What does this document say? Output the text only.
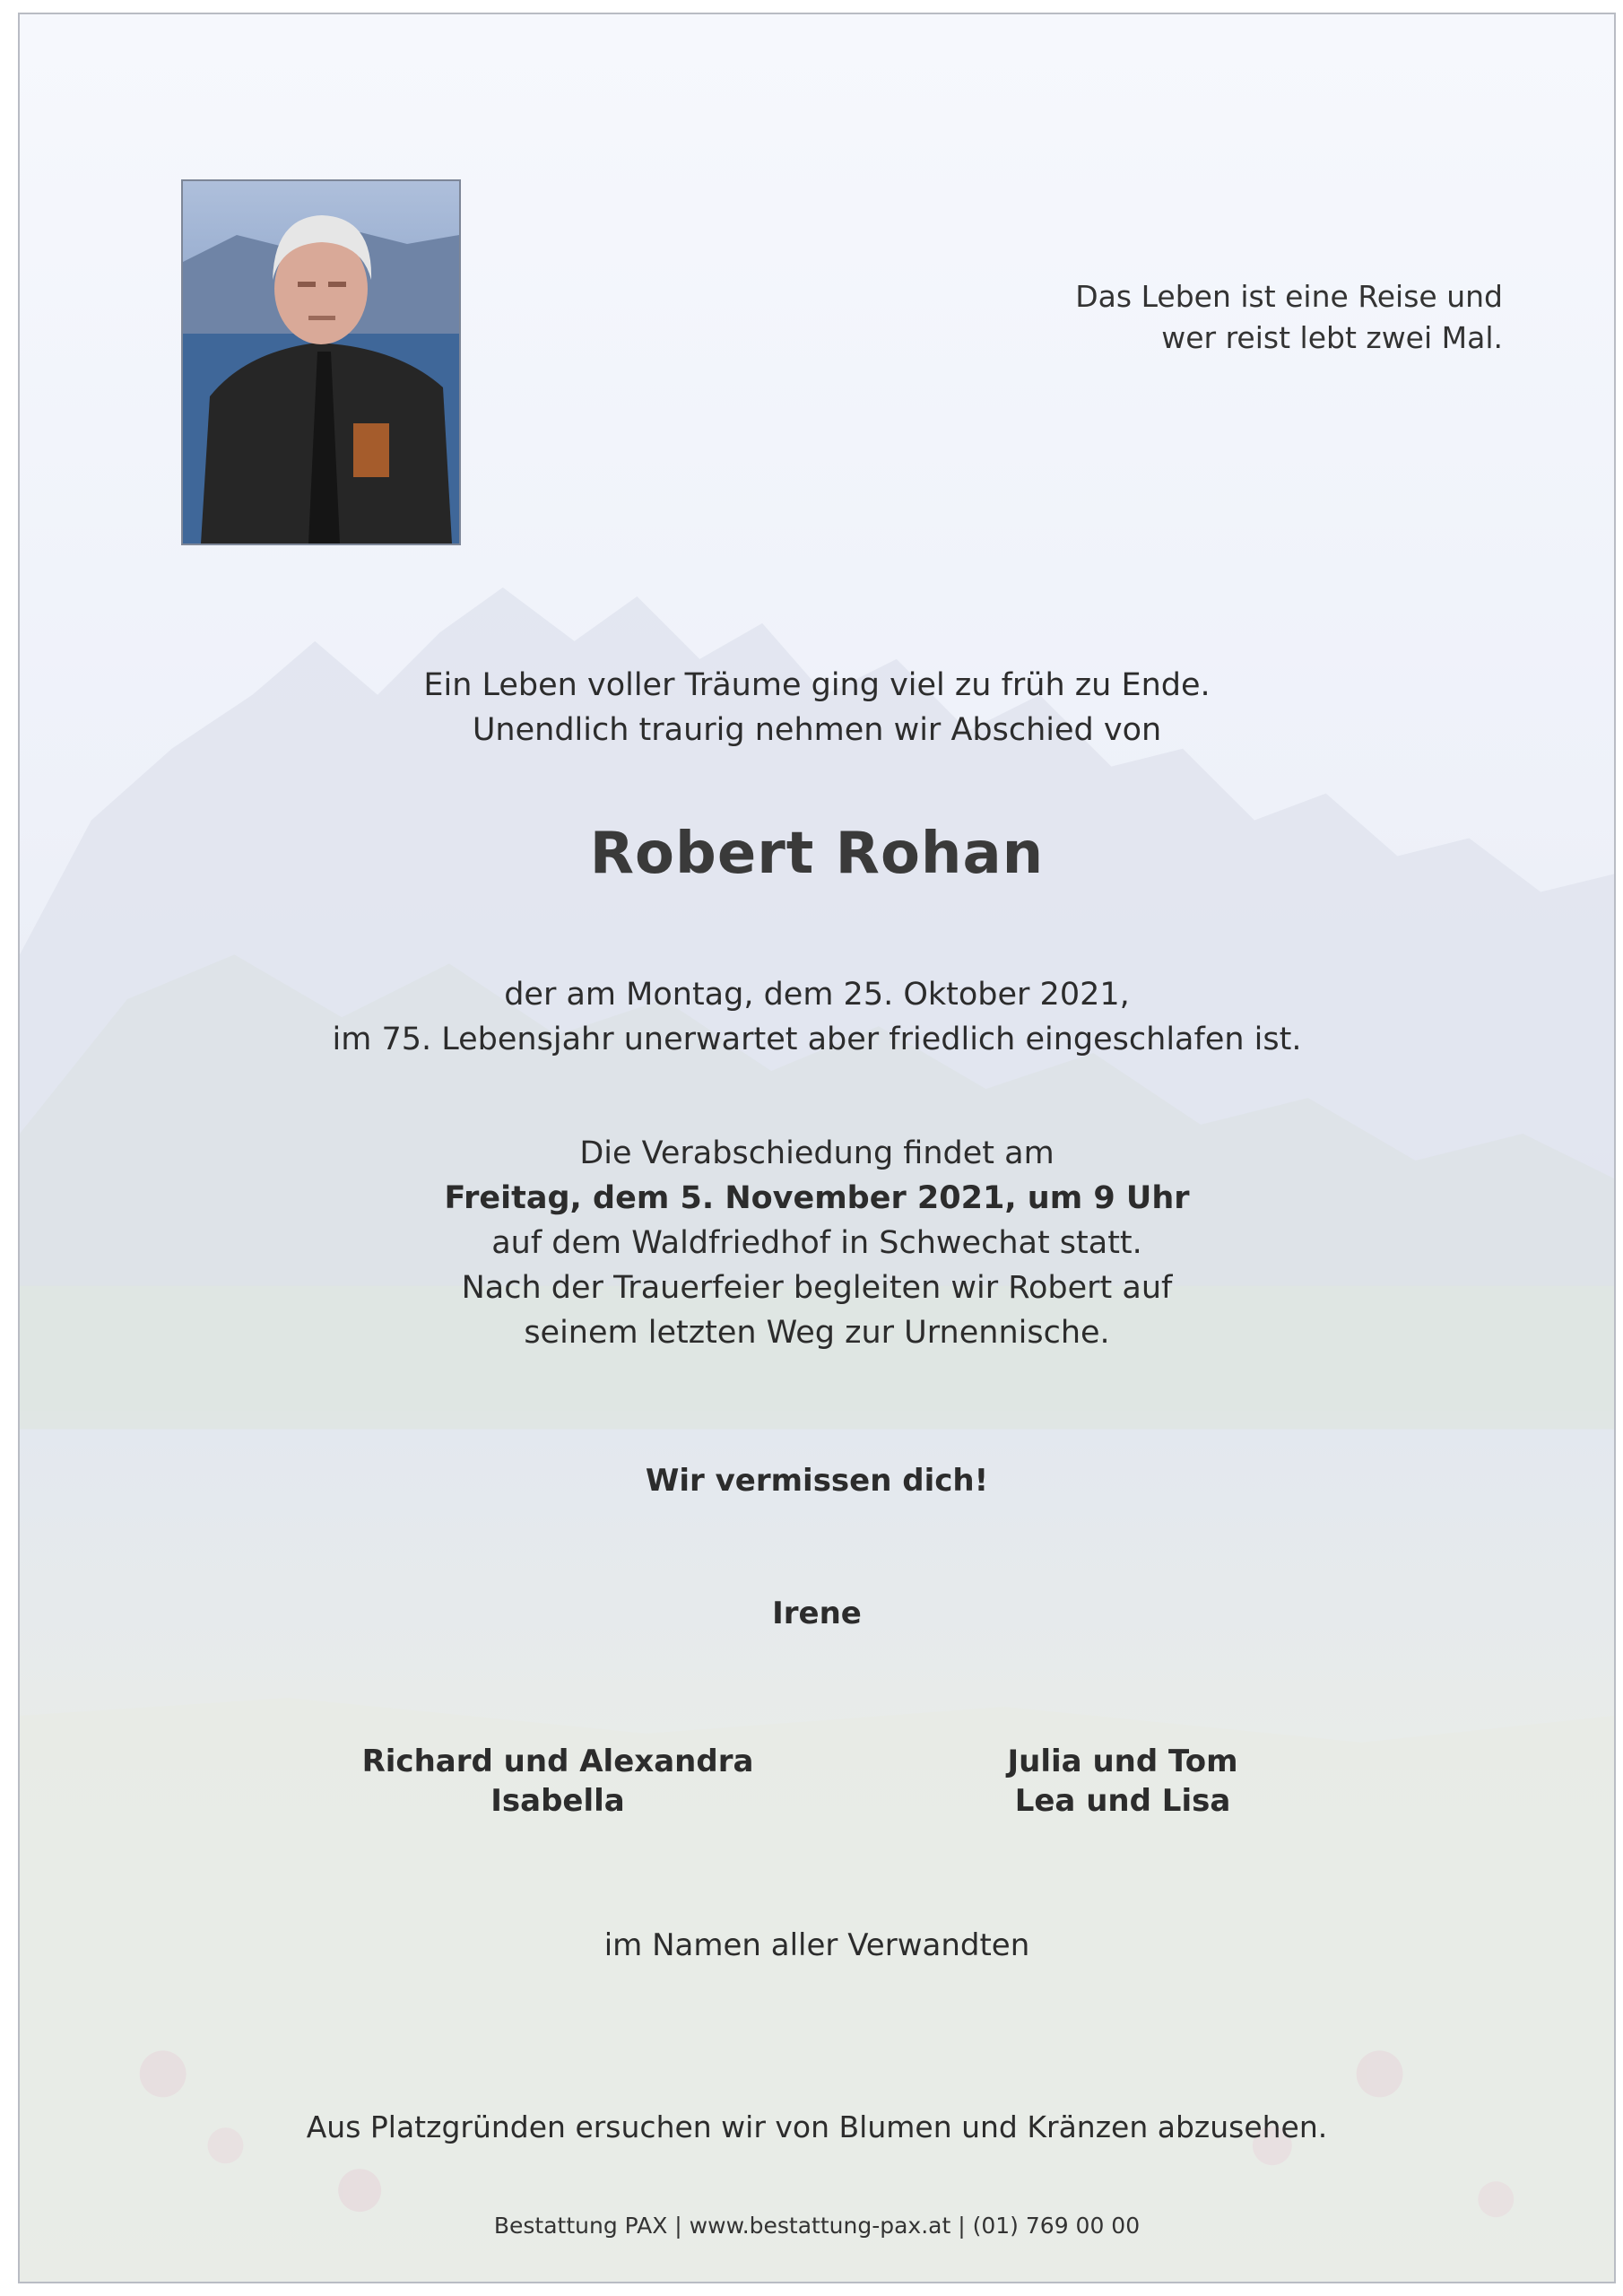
Das Leben ist eine Reise und
wer reist lebt zwei Mal.
Ein Leben voller Träume ging viel zu früh zu Ende.
Unendlich traurig nehmen wir Abschied von
Robert Rohan
der am Montag, dem 25. Oktober 2021,
im 75. Lebensjahr unerwartet aber friedlich eingeschlafen ist.
Die Verabschiedung findet am
Freitag, dem 5. November 2021, um 9 Uhr
auf dem Waldfriedhof in Schwechat statt.
Nach der Trauerfeier begleiten wir Robert auf
seinem letzten Weg zur Urnennische.
Wir vermissen dich!
Irene
Richard und Alexandra
Isabella
Julia und Tom
Lea und Lisa
im Namen aller Verwandten
Aus Platzgründen ersuchen wir von Blumen und Kränzen abzusehen.
Bestattung PAX | www.bestattung-pax.at | (01) 769 00 00
